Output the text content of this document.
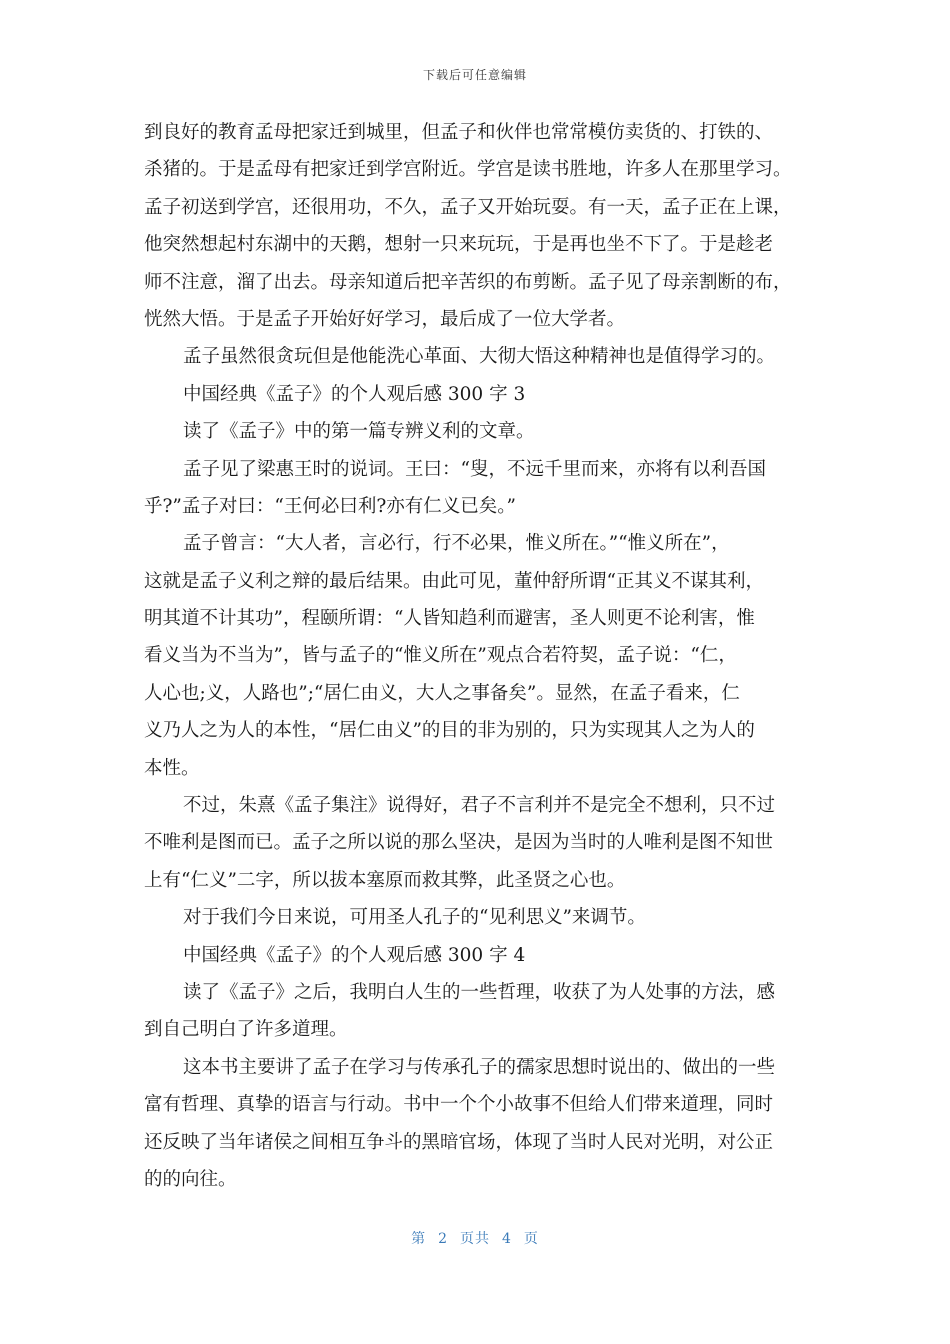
下载后可任意编辑
到良好的教育孟母把家迁到城里，但孟子和伙伴也常常模仿卖货的、打铁的、
杀猪的。于是孟母有把家迁到学宫附近。学宫是读书胜地，许多人在那里学习。
孟子初送到学宫，还很用功，不久，孟子又开始玩耍。有一天，孟子正在上课，
他突然想起村东湖中的天鹅，想射一只来玩玩，于是再也坐不下了。于是趁老
师不注意，溜了出去。母亲知道后把辛苦织的布剪断。孟子见了母亲割断的布，
恍然大悟。于是孟子开始好好学习，最后成了一位大学者。
孟子虽然很贪玩但是他能洗心革面、大彻大悟这种精神也是值得学习的。
中国经典《孟子》的个人观后感 300 字 3
读了《孟子》中的第一篇专辨义利的文章。
孟子见了梁惠王时的说词。王曰：“叟，不远千里而来，亦将有以利吾国
乎?”孟子对曰：“王何必曰利?亦有仁义已矣。”
孟子曾言：“大人者，言必行，行不必果，惟义所在。”“惟义所在”，
这就是孟子义利之辩的最后结果。由此可见，董仲舒所谓“正其义不谋其利，
明其道不计其功”，程颐所谓：“人皆知趋利而避害，圣人则更不论利害，惟
看义当为不当为”，皆与孟子的“惟义所在”观点合若符契，孟子说：“仁，
人心也;义，人路也”;“居仁由义，大人之事备矣”。显然，在孟子看来，仁
义乃人之为人的本性，“居仁由义”的目的非为别的，只为实现其人之为人的
本性。
不过，朱熹《孟子集注》说得好，君子不言利并不是完全不想利，只不过
不唯利是图而已。孟子之所以说的那么坚决，是因为当时的人唯利是图不知世
上有“仁义”二字，所以拔本塞原而救其弊，此圣贤之心也。
对于我们今日来说，可用圣人孔子的“见利思义”来调节。
中国经典《孟子》的个人观后感 300 字 4
读了《孟子》之后，我明白人生的一些哲理，收获了为人处事的方法，感
到自己明白了许多道理。
这本书主要讲了孟子在学习与传承孔子的孺家思想时说出的、做出的一些
富有哲理、真挚的语言与行动。书中一个个小故事不但给人们带来道理，同时
还反映了当年诸侯之间相互争斗的黑暗官场，体现了当时人民对光明，对公正
的的向往。
第 2 页共 4 页
